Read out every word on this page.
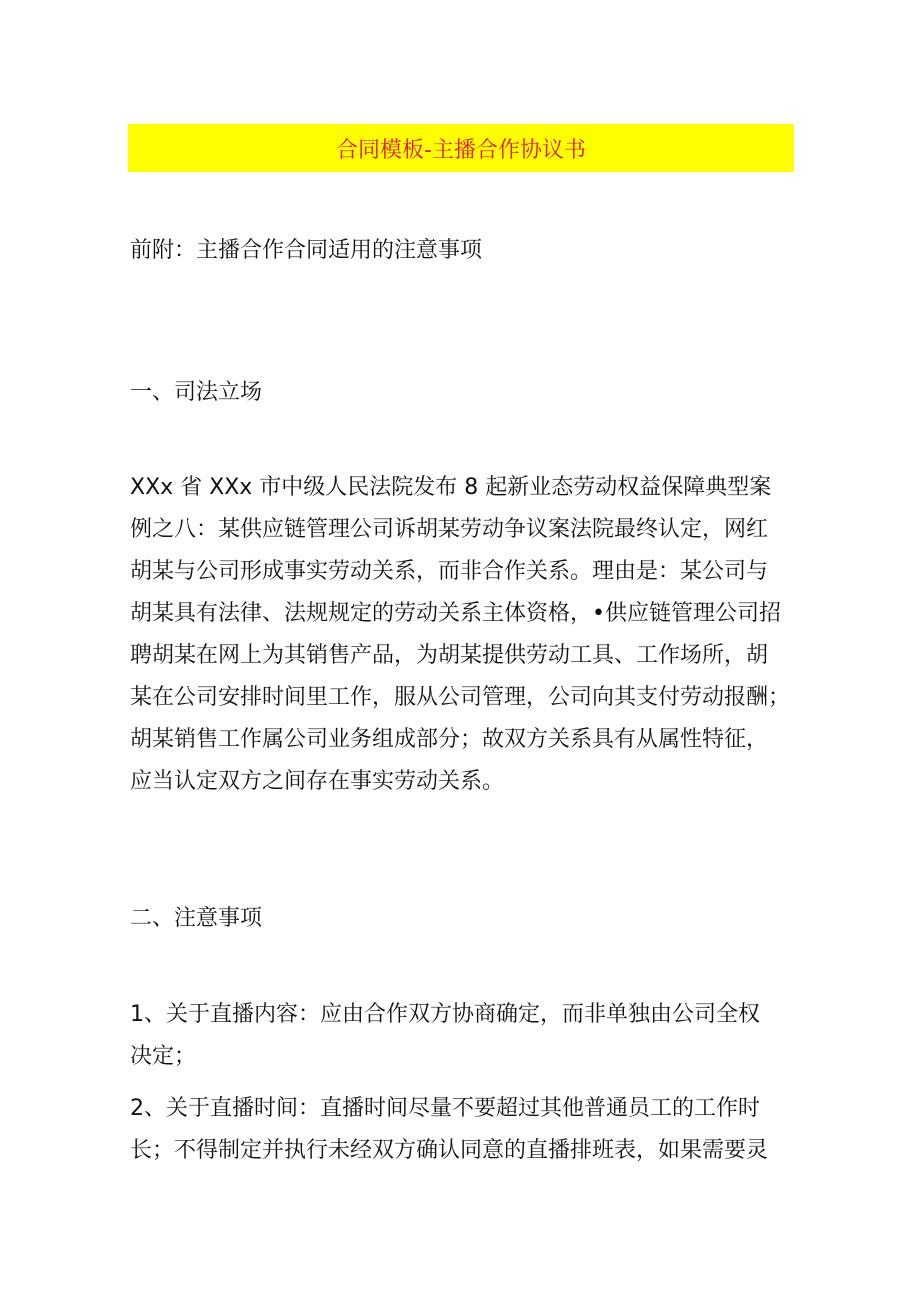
合同模板-主播合作协议书
前附：主播合作合同适用的注意事项
一、司法立场
XXx 省 XXx 市中级人民法院发布 8 起新业态劳动权益保障典型案
例之八：某供应链管理公司诉胡某劳动争议案法院最终认定，网红
胡某与公司形成事实劳动关系，而非合作关系。理由是：某公司与
胡某具有法律、法规规定的劳动关系主体资格，•供应链管理公司招
聘胡某在网上为其销售产品，为胡某提供劳动工具、工作场所，胡
某在公司安排时间里工作，服从公司管理，公司向其支付劳动报酬；
胡某销售工作属公司业务组成部分；故双方关系具有从属性特征，
应当认定双方之间存在事实劳动关系。
二、注意事项
1、关于直播内容：应由合作双方协商确定，而非单独由公司全权
决定；
2、关于直播时间：直播时间尽量不要超过其他普通员工的工作时
长；不得制定并执行未经双方确认同意的直播排班表，如果需要灵
